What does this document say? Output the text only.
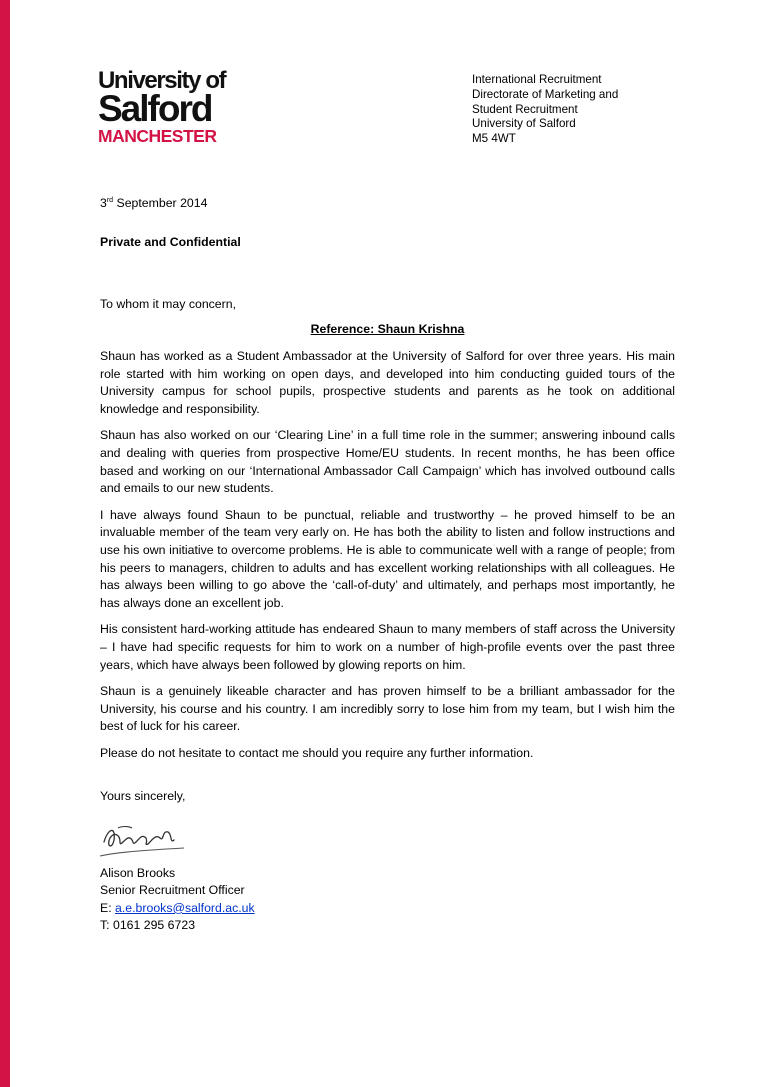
University of
Salford
MANCHESTER
International Recruitment
Directorate of Marketing and
Student Recruitment
University of Salford
M5 4WT
3rd September 2014
Private and Confidential
To whom it may concern,
Reference: Shaun Krishna

Shaun has worked as a Student Ambassador at the University of Salford for over three years. His main role started with him working on open days, and developed into him conducting guided tours of the University campus for school pupils, prospective students and parents as he took on additional knowledge and responsibility.

Shaun has also worked on our ‘Clearing Line’ in a full time role in the summer; answering inbound calls and dealing with queries from prospective Home/EU students. In recent months, he has been office based and working on our ‘International Ambassador Call Campaign’ which has involved outbound calls and emails to our new students.

I have always found Shaun to be punctual, reliable and trustworthy – he proved himself to be an invaluable member of the team very early on. He has both the ability to listen and follow instructions and use his own initiative to overcome problems. He is able to communicate well with a range of people; from his peers to managers, children to adults and has excellent working relationships with all colleagues. He has always been willing to go above the ‘call-of-duty’ and ultimately, and perhaps most importantly, he has always done an excellent job.

His consistent hard-working attitude has endeared Shaun to many members of staff across the University – I have had specific requests for him to work on a number of high-profile events over the past three years, which have always been followed by glowing reports on him.

Shaun is a genuinely likeable character and has proven himself to be a brilliant ambassador for the University, his course and his country. I am incredibly sorry to lose him from my team, but I wish him the best of luck for his career.

Please do not hesitate to contact me should you require any further information.

Yours sincerely,
Alison Brooks
Senior Recruitment Officer
E: a.e.brooks@salford.ac.uk
T: 0161 295 6723
